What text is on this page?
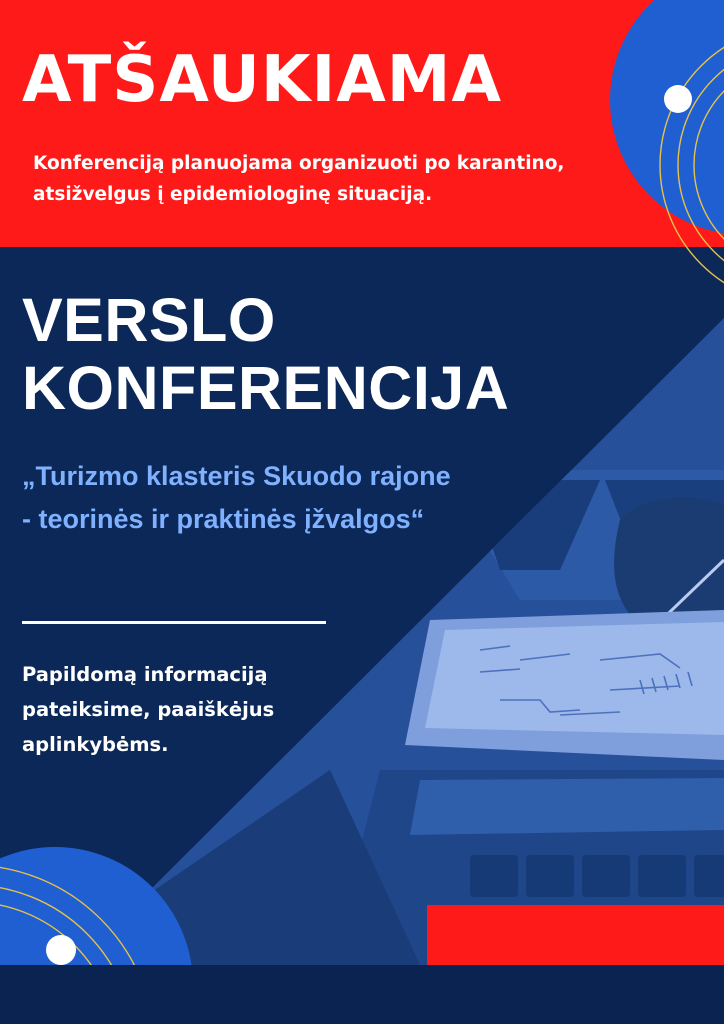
ATŠAUKIAMA

Konferenciją planuojama organizuoti po karantino, atsižvelgus į epidemiologinę situaciją.

VERSLO
KONFERENCIJA

„Turizmo klasteris Skuodo rajone - teorinės ir praktinės įžvalgos“

Papildomą informaciją pateiksime, paaiškėjus aplinkybėms.
